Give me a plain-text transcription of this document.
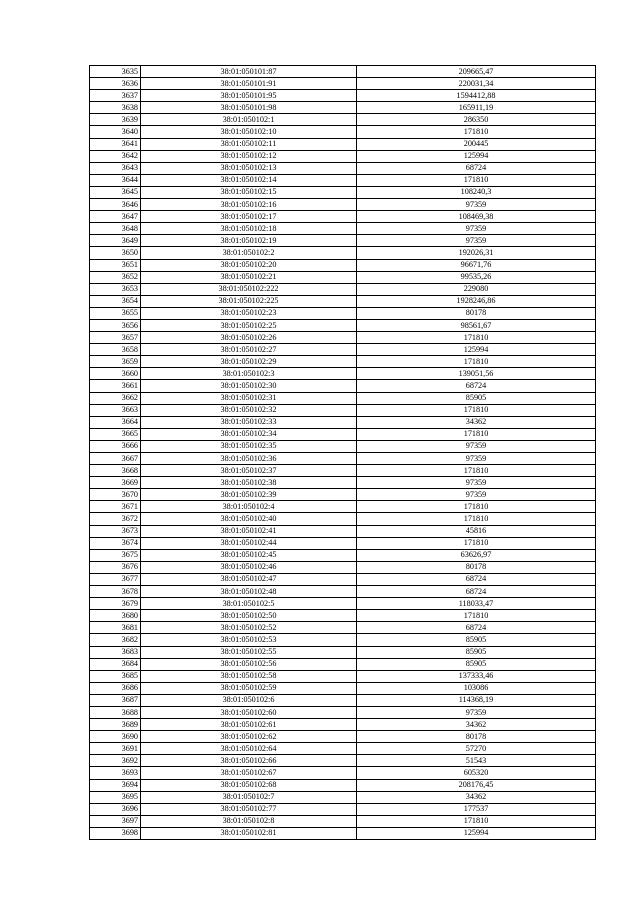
3635	38:01:050101:87	209665,47
3636	38:01:050101:91	220031,34
3637	38:01:050101:95	1594412,88
3638	38:01:050101:98	165911,19
3639	38:01:050102:1	286350
3640	38:01:050102:10	171810
3641	38:01:050102:11	200445
3642	38:01:050102:12	125994
3643	38:01:050102:13	68724
3644	38:01:050102:14	171810
3645	38:01:050102:15	108240,3
3646	38:01:050102:16	97359
3647	38:01:050102:17	108469,38
3648	38:01:050102:18	97359
3649	38:01:050102:19	97359
3650	38:01:050102:2	192026,31
3651	38:01:050102:20	96671,76
3652	38:01:050102:21	99535,26
3653	38:01:050102:222	229080
3654	38:01:050102:225	1928246,86
3655	38:01:050102:23	80178
3656	38:01:050102:25	98561,67
3657	38:01:050102:26	171810
3658	38:01:050102:27	125994
3659	38:01:050102:29	171810
3660	38:01:050102:3	139051,56
3661	38:01:050102:30	68724
3662	38:01:050102:31	85905
3663	38:01:050102:32	171810
3664	38:01:050102:33	34362
3665	38:01:050102:34	171810
3666	38:01:050102:35	97359
3667	38:01:050102:36	97359
3668	38:01:050102:37	171810
3669	38:01:050102:38	97359
3670	38:01:050102:39	97359
3671	38:01:050102:4	171810
3672	38:01:050102:40	171810
3673	38:01:050102:41	45816
3674	38:01:050102:44	171810
3675	38:01:050102:45	63626,97
3676	38:01:050102:46	80178
3677	38:01:050102:47	68724
3678	38:01:050102:48	68724
3679	38:01:050102:5	118033,47
3680	38:01:050102:50	171810
3681	38:01:050102:52	68724
3682	38:01:050102:53	85905
3683	38:01:050102:55	85905
3684	38:01:050102:56	85905
3685	38:01:050102:58	137333,46
3686	38:01:050102:59	103086
3687	38:01:050102:6	114368,19
3688	38:01:050102:60	97359
3689	38:01:050102:61	34362
3690	38:01:050102:62	80178
3691	38:01:050102:64	57270
3692	38:01:050102:66	51543
3693	38:01:050102:67	605320
3694	38:01:050102:68	208176,45
3695	38:01:050102:7	34362
3696	38:01:050102:77	177537
3697	38:01:050102:8	171810
3698	38:01:050102:81	125994
